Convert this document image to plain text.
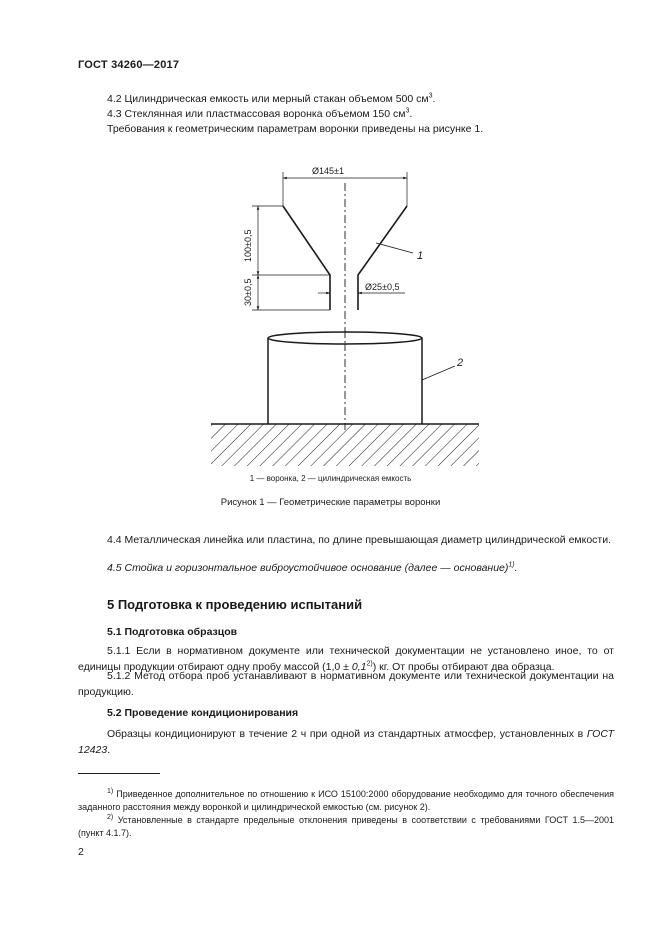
ГОСТ 34260—2017
4.2 Цилиндрическая емкость или мерный стакан объемом 500 $см^3$.
4.3 Стеклянная или пластмассовая воронка объемом 150 $см^3$.
Требования к геометрическим параметрам воронки приведены на рисунке 1.
Ø145±1
100±0,5
30±0,5	Ø25±0,5
1
2
1 — воронка, 2 — цилиндрическая емкость
Рисунок 1 — Геометрические параметры воронки
4.4 Металлическая линейка или пластина, по длине превышающая диаметр цилиндрической емкости.
4.5 Стойка и горизонтальное виброустойчивое основание (далее — основание)$^{1)}$.
5 Подготовка к проведению испытаний
5.1 Подготовка образцов
5.1.1 Если в нормативном документе или технической документации не установлено иное, то от единицы продукции отбирают одну пробу массой $(1,0 \pm 0,1^{2)})$ кг. От пробы отбирают два образца.
5.1.2 Метод отбора проб устанавливают в нормативном документе или технической документации на продукцию.
5.2 Проведение кондиционирования
Образцы кондиционируют в течение 2 ч при одной из стандартных атмосфер, установленных в ГОСТ 12423.
$^{1)}$ Приведенное дополнительное по отношению к ИСО 15100:2000 оборудование необходимо для точного обеспечения заданного расстояния между воронкой и цилиндрической емкостью (см. рисунок 2).
$^{2)}$ Установленные в стандарте предельные отклонения приведены в соответствии с требованиями ГОСТ 1.5—2001 (пункт 4.1.7).
2
